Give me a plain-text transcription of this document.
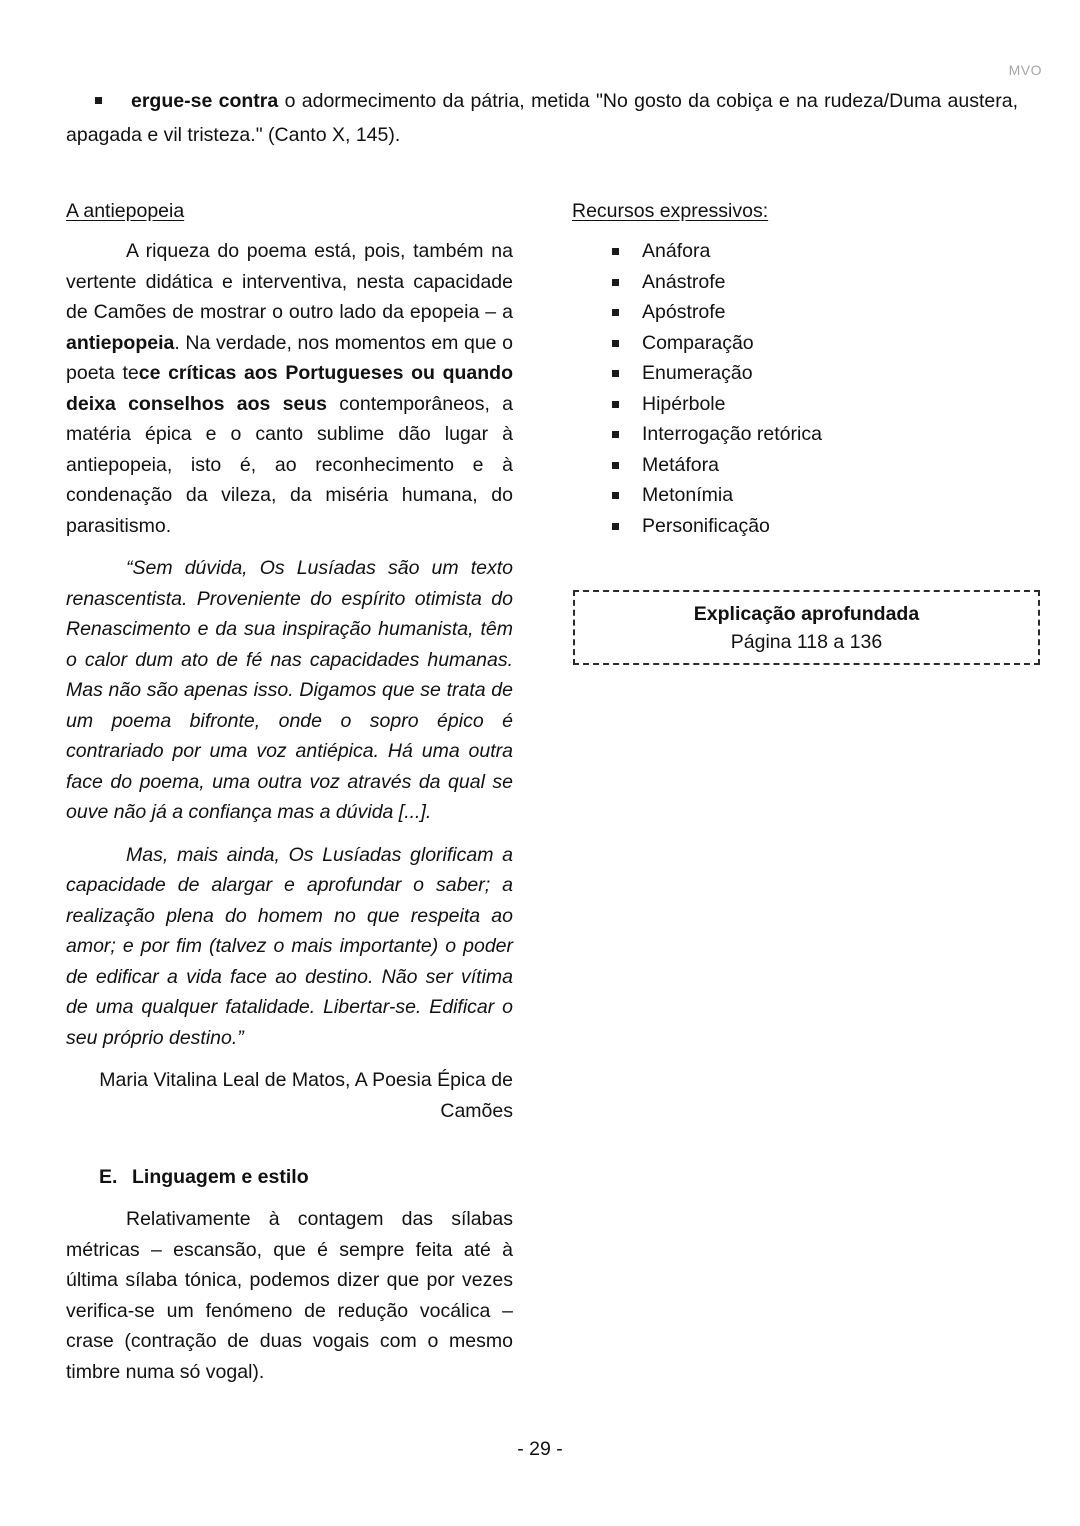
MVO
ergue-se contra o adormecimento da pátria, metida "No gosto da cobiça e na rudeza/Duma austera, apagada e vil tristeza." (Canto X, 145).
A antiepopeia

A riqueza do poema está, pois, também na vertente didática e interventiva, nesta capacidade de Camões de mostrar o outro lado da epopeia – a antiepopeia. Na verdade, nos momentos em que o poeta tece críticas aos Portugueses ou quando deixa conselhos aos seus contemporâneos, a matéria épica e o canto sublime dão lugar à antiepopeia, isto é, ao reconhecimento e à condenação da vileza, da miséria humana, do parasitismo.

“Sem dúvida, Os Lusíadas são um texto renascentista. Proveniente do espírito otimista do Renascimento e da sua inspiração humanista, têm o calor dum ato de fé nas capacidades humanas. Mas não são apenas isso. Digamos que se trata de um poema bifronte, onde o sopro épico é contrariado por uma voz antiépica. Há uma outra face do poema, uma outra voz através da qual se ouve não já a confiança mas a dúvida [...].

Mas, mais ainda, Os Lusíadas glorificam a capacidade de alargar e aprofundar o saber; a realização plena do homem no que respeita ao amor; e por fim (talvez o mais importante) o poder de edificar a vida face ao destino. Não ser vítima de uma qualquer fatalidade. Libertar-se. Edificar o seu próprio destino.”

Maria Vitalina Leal de Matos, A Poesia Épica de Camões

E. Linguagem e estilo

Relativamente à contagem das sílabas métricas – escansão, que é sempre feita até à última sílaba tónica, podemos dizer que por vezes verifica-se um fenómeno de redução vocálica – crase (contração de duas vogais com o mesmo timbre numa só vogal).

Recursos expressivos:
Anáfora
Anástrofe
Apóstrofe
Comparação
Enumeração
Hipérbole
Interrogação retórica
Metáfora
Metonímia
Personificação
Explicação aprofundada
Página 118 a 136
- 29 -
